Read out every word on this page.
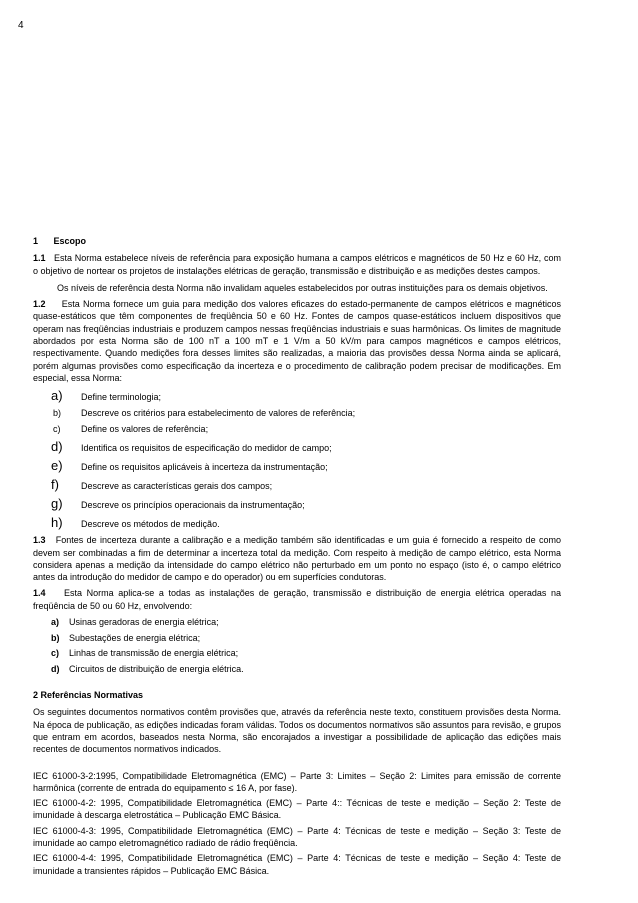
4

1 Escopo

1.1 Esta Norma estabelece níveis de referência para exposição humana a campos elétricos e magnéticos de 50 Hz e 60 Hz, com o objetivo de nortear os projetos de instalações elétricas de geração, transmissão e distribuição e as medições destes campos.

Os níveis de referência desta Norma não invalidam aqueles estabelecidos por outras instituições para os demais objetivos.

1.2 Esta Norma fornece um guia para medição dos valores eficazes do estado-permanente de campos elétricos e magnéticos quase-estáticos que têm componentes de freqüência 50 e 60 Hz. Fontes de campos quase-estáticos incluem dispositivos que operam nas freqüências industriais e produzem campos nessas freqüências industriais e suas harmônicas. Os limites de magnitude abordados por esta Norma são de 100 nT a 100 mT e 1 V/m a 50 kV/m para campos magnéticos e campos elétricos, respectivamente. Quando medições fora desses limites são realizadas, a maioria das provisões dessa Norma ainda se aplicará, porém algumas provisões como especificação da incerteza e o procedimento de calibração podem precisar de modificações. Em especial, essa Norma:

a)	Define terminologia;
b)	Descreve os critérios para estabelecimento de valores de referência;
c)	Define os valores de referência;
d)	Identifica os requisitos de especificação do medidor de campo;
e)	Define os requisitos aplicáveis à incerteza da instrumentação;
f)	Descreve as características gerais dos campos;
g)	Descreve os princípios operacionais da instrumentação;
h)	Descreve os métodos de medição.

1.3 Fontes de incerteza durante a calibração e a medição também são identificadas e um guia é fornecido a respeito de como devem ser combinadas a fim de determinar a incerteza total da medição. Com respeito à medição de campo elétrico, esta Norma considera apenas a medição da intensidade do campo elétrico não perturbado em um ponto no espaço (isto é, o campo elétrico antes da introdução do medidor de campo e do operador) ou em superfícies condutoras.

1.4 Esta Norma aplica-se a todas as instalações de geração, transmissão e distribuição de energia elétrica operadas na freqüência de 50 ou 60 Hz, envolvendo:

a)	Usinas geradoras de energia elétrica;
b)	Subestações de energia elétrica;
c)	Linhas de transmissão de energia elétrica;
d)	Circuitos de distribuição de energia elétrica.

2 Referências Normativas

Os seguintes documentos normativos contêm provisões que, através da referência neste texto, constituem provisões desta Norma. Na época de publicação, as edições indicadas foram válidas. Todos os documentos normativos são assuntos para revisão, e grupos que entram em acordos, baseados nesta Norma, são encorajados a investigar a possibilidade de aplicação das edições mais recentes de documentos normativos indicados.

IEC 61000-3-2:1995, Compatibilidade Eletromagnética (EMC) – Parte 3: Limites – Seção 2: Limites para emissão de corrente harmônica (corrente de entrada do equipamento ≤ 16 A, por fase).

IEC 61000-4-2: 1995, Compatibilidade Eletromagnética (EMC) – Parte 4:: Técnicas de teste e medição – Seção 2: Teste de imunidade à descarga eletrostática – Publicação EMC Básica.

IEC 61000-4-3: 1995, Compatibilidade Eletromagnética (EMC) – Parte 4: Técnicas de teste e medição – Seção 3: Teste de imunidade ao campo eletromagnético radiado de rádio freqüência.

IEC 61000-4-4: 1995, Compatibilidade Eletromagnética (EMC) – Parte 4: Técnicas de teste e medição – Seção 4: Teste de imunidade a transientes rápidos – Publicação EMC Básica.
